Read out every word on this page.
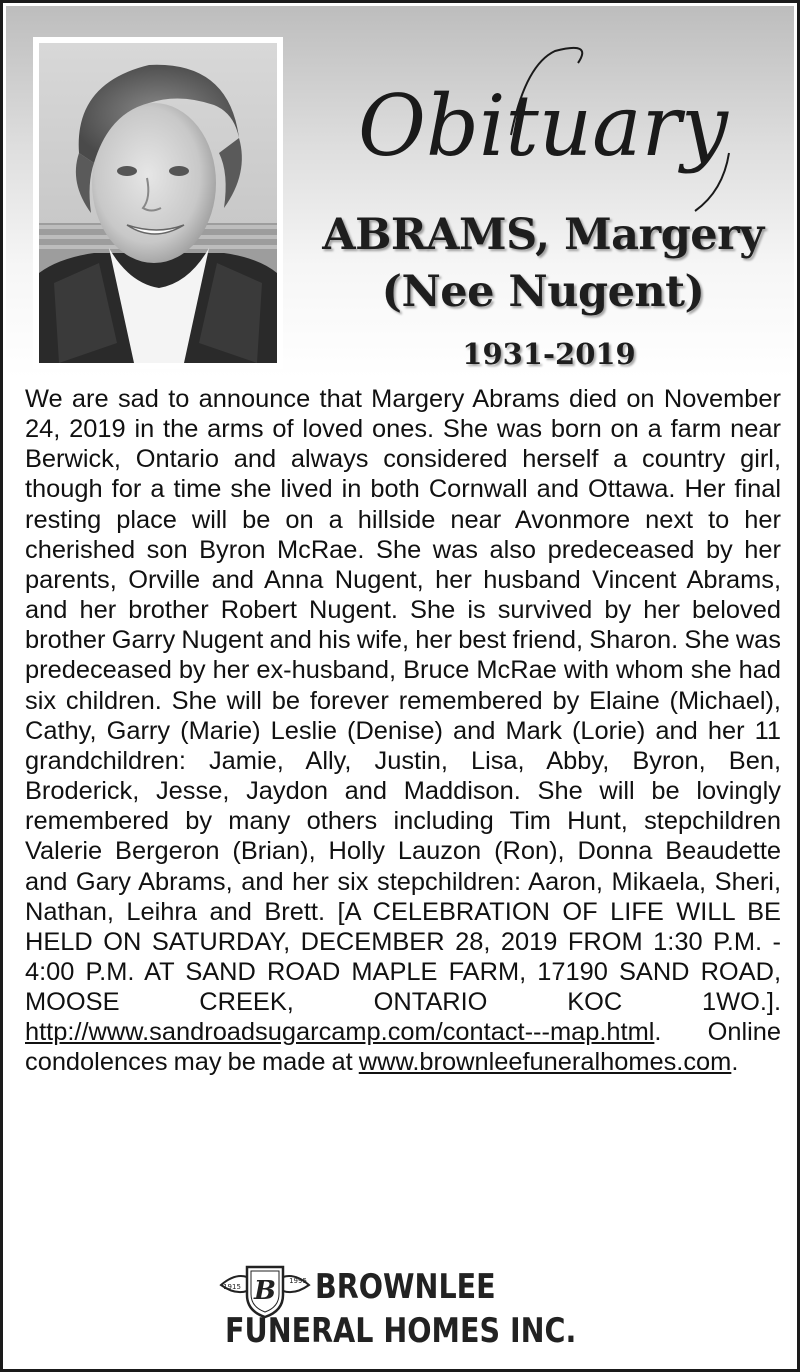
Obituary
ABRAMS, Margery
(Nee Nugent)
1931-2019
We are sad to announce that Margery Abrams died on November 24, 2019 in the arms of loved ones. She was born on a farm near Berwick, Ontario and always considered herself a country girl, though for a time she lived in both Cornwall and Ottawa. Her final resting place will be on a hillside near Avonmore next to her cherished son Byron McRae. She was also predeceased by her parents, Orville and Anna Nugent, her husband Vincent Abrams, and her brother Robert Nugent. She is survived by her beloved brother Garry Nugent and his wife, her best friend, Sharon. She was predeceased by her ex-husband, Bruce McRae with whom she had six children. She will be forever remembered by Elaine (Michael), Cathy, Garry (Marie) Leslie (Denise) and Mark (Lorie) and her 11 grandchildren: Jamie, Ally, Justin, Lisa, Abby, Byron, Ben, Broderick, Jesse, Jaydon and Maddison. She will be lovingly remembered by many others including Tim Hunt, stepchildren Valerie Bergeron (Brian), Holly Lauzon (Ron), Donna Beaudette and Gary Abrams, and her six stepchildren: Aaron, Mikaela, Sheri, Nathan, Leihra and Brett. [A CELEBRATION OF LIFE WILL BE HELD ON SATURDAY, DECEMBER 28, 2019 FROM 1:30 P.M. - 4:00 P.M. AT SAND ROAD MAPLE FARM, 17190 SAND ROAD, MOOSE CREEK, ONTARIO KOC 1WO.]. http://www.sandroadsugarcamp.com/contact---map.html. Online condolences may be made at www.brownleefuneralhomes.com.
B
1915
1995 BROWNLEE
FUNERAL HOMES INC.
